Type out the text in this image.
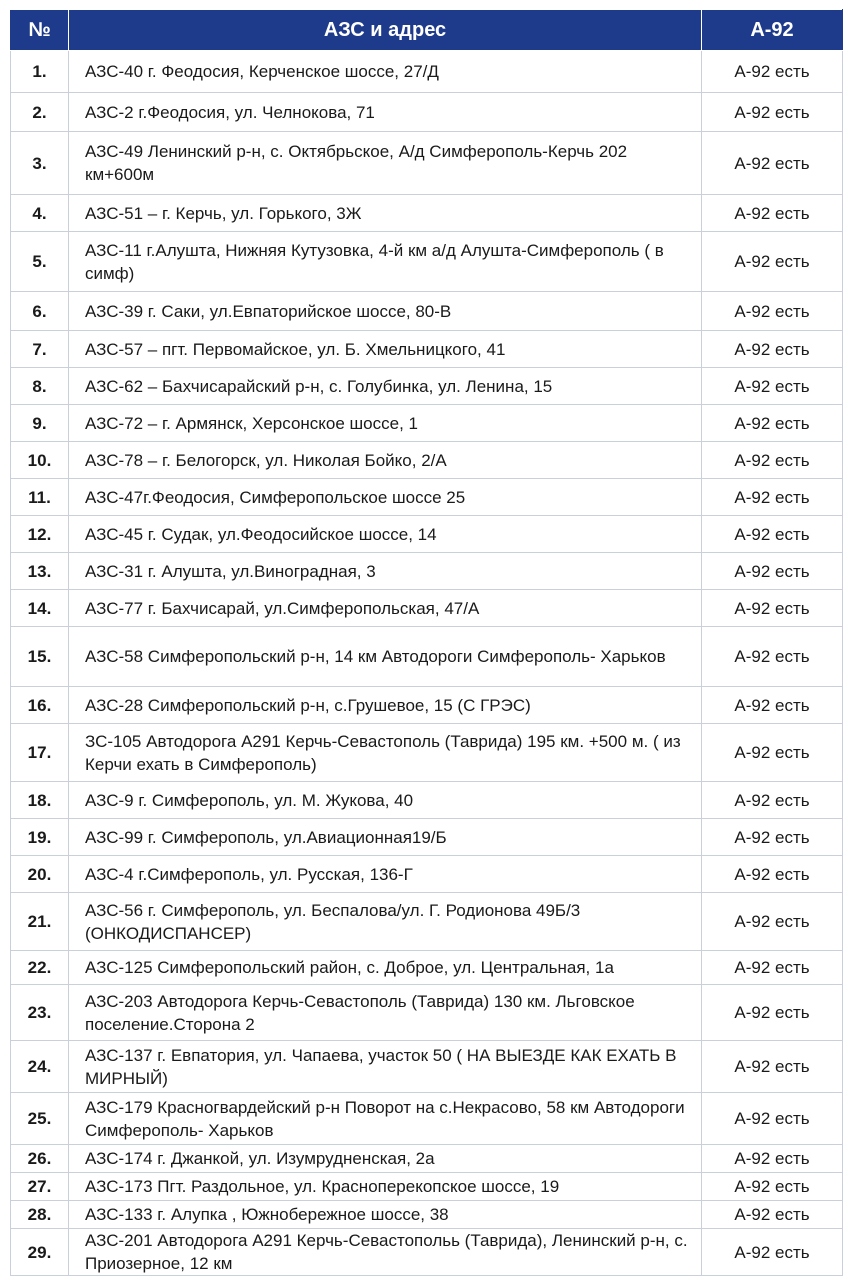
№	АЗС и адрес	А-92
1.	АЗС-40 г. Феодосия, Керченское шоссе, 27/Д	А-92 есть
2.	АЗС-2 г.Феодосия, ул. Челнокова, 71	А-92 есть
3.	АЗС-49 Ленинский р-н, с. Октябрьское, А/д Симферополь-Керчь 202 км+600м	А-92 есть
4.	АЗС-51 – г. Керчь, ул. Горького, 3Ж	А-92 есть
5.	АЗС-11 г.Алушта, Нижняя Кутузовка, 4-й км а/д Алушта-Симферополь ( в симф)	А-92 есть
6.	АЗС-39 г. Саки, ул.Евпаторийское шоссе, 80-В	А-92 есть
7.	АЗС-57 – пгт. Первомайское, ул. Б. Хмельницкого, 41	А-92 есть
8.	АЗС-62 – Бахчисарайский р-н, с. Голубинка, ул. Ленина, 15	А-92 есть
9.	АЗС-72 – г. Армянск, Херсонское шоссе, 1	А-92 есть
10.	АЗС-78 – г. Белогорск, ул. Николая Бойко, 2/А	А-92 есть
11.	АЗС-47г.Феодосия, Симферопольское шоссе 25	А-92 есть
12.	АЗС-45 г. Судак, ул.Феодосийское шоссе, 14	А-92 есть
13.	АЗС-31 г. Алушта, ул.Виноградная, 3	А-92 есть
14.	АЗС-77 г. Бахчисарай, ул.Симферопольская, 47/А	А-92 есть
15.	АЗС-58 Симферопольский р-н, 14 км Автодороги Симферополь- Харьков	А-92 есть
16.	АЗС-28 Симферопольский р-н, с.Грушевое, 15 (С ГРЭС)	А-92 есть
17.	ЗС-105 Автодорога А291 Керчь-Севастополь (Таврида) 195 км. +500 м. ( из Керчи ехать в Симферополь)	А-92 есть
18.	АЗС-9 г. Симферополь, ул. М. Жукова, 40	А-92 есть
19.	АЗС-99 г. Симферополь, ул.Авиационная19/Б	А-92 есть
20.	АЗС-4 г.Симферополь, ул. Русская, 136-Г	А-92 есть
21.	АЗС-56 г. Симферополь, ул. Беспалова/ул. Г. Родионова 49Б/3 (ОНКОДИСПАНСЕР)	А-92 есть
22.	АЗС-125 Симферопольский район, с. Доброе, ул. Центральная, 1а	А-92 есть
23.	АЗС-203 Автодорога Керчь-Севастополь (Таврида) 130 км. Льговское поселение.Сторона 2	А-92 есть
24.	АЗС-137 г. Евпатория, ул. Чапаева, участок 50 ( НА ВЫЕЗДЕ КАК ЕХАТЬ В МИРНЫЙ)	А-92 есть
25.	АЗС-179 Красногвардейский р-н Поворот на с.Некрасово, 58 км Автодороги Симферополь- Харьков	А-92 есть
26.	АЗС-174 г. Джанкой, ул. Изумрудненская, 2а	А-92 есть
27.	АЗС-173 Пгт. Раздольное, ул. Красноперекопское шоссе, 19	А-92 есть
28.	АЗС-133 г. Алупка , Южнобережное шоссе, 38	А-92 есть
29.	АЗС-201 Автодорога А291 Керчь-Севастопольь (Таврида), Ленинский р-н, с. Приозерное, 12 км	А-92 есть
